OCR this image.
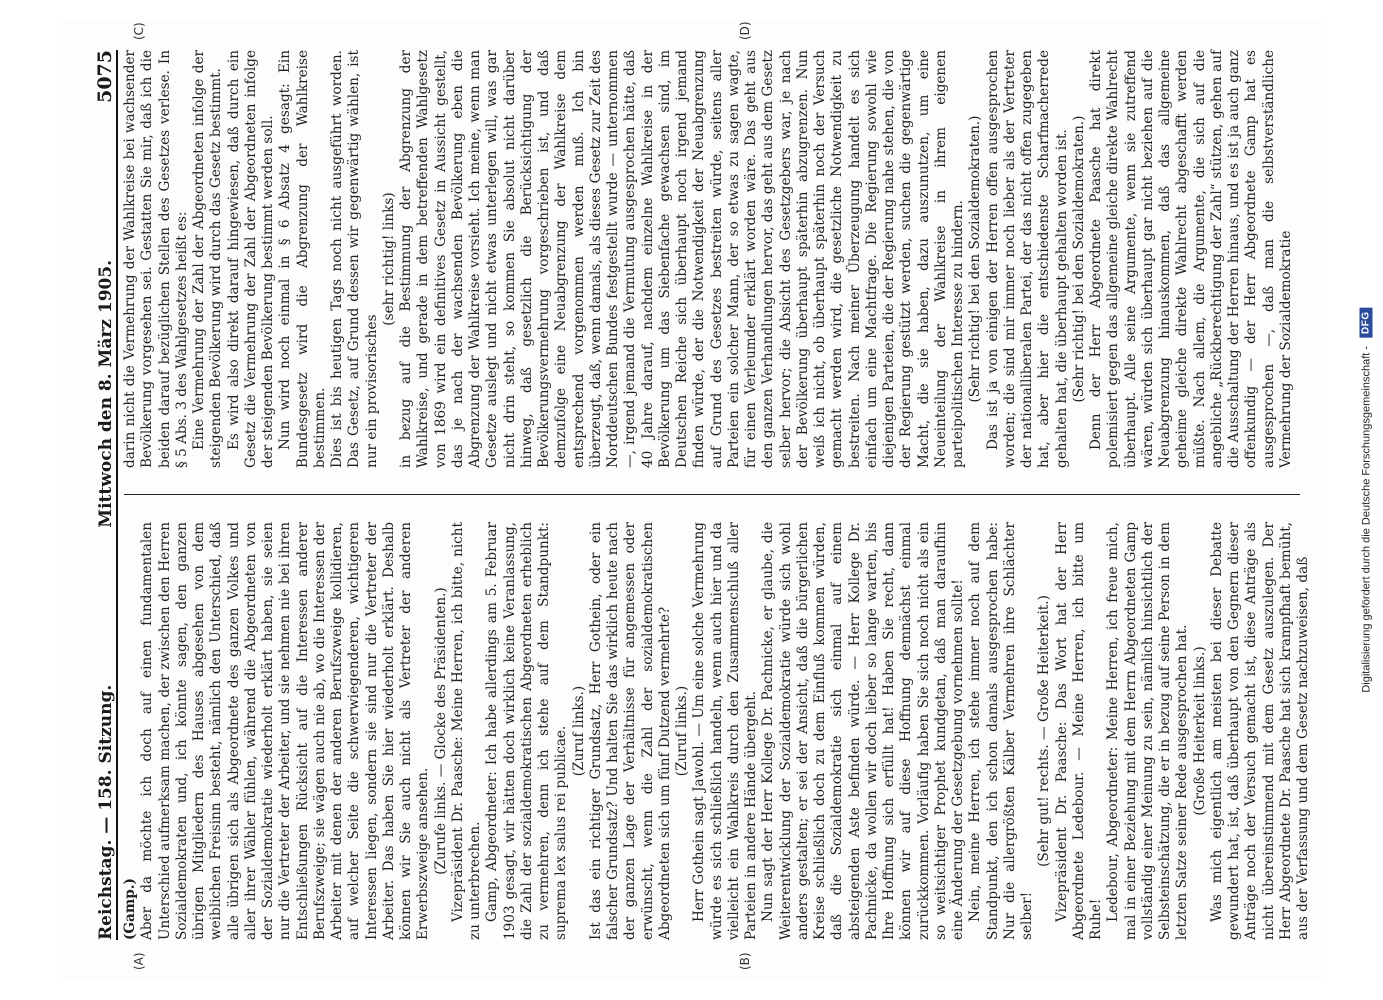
Reichstag. — 158. Sitzung.
Mittwoch den 8. März 1905.
5075
(A)	(B)
(C)	(D)

(Gamp.) Aber da möchte ich doch auf einen fundamentalen Unterschied aufmerksam machen, der zwischen den Herren Sozialdemokraten und, ich könnte sagen, den ganzen übrigen Mitgliedern des Hauses abgesehen von dem weiblichen Freisinn besteht, nämlich den Unterschied, daß alle übrigen sich als Abgeordnete des ganzen Volkes und aller ihrer Wähler fühlen, während die Abgeordneten von der Sozialdemokratie wiederholt erklärt haben, sie seien nur die Vertreter der Arbeiter, und sie nehmen nie bei ihren Entschließungen Rücksicht auf die Interessen anderer Berufszweige; sie wägen auch nie ab, wo die Interessen der Arbeiter mit denen der anderen Berufszweige kollidieren, auf welcher Seite die schwerwiegenderen, wichtigeren Interessen liegen, sondern sie sind nur die Vertreter der Arbeiter. Das haben Sie hier wiederholt erklärt. Deshalb können wir Sie auch nicht als Vertreter der anderen Erwerbszweige ansehen. (Zurufe links. — Glocke des Präsidenten.) Vizepräsident Dr. Paasche: Meine Herren, ich bitte, nicht zu unterbrechen. Gamp, Abgeordneter: Ich habe allerdings am 5. Februar 1903 gesagt, wir hätten doch wirklich keine Veranlassung, die Zahl der sozialdemokratischen Abgeordneten erheblich zu vermehren, denn ich stehe auf dem Standpunkt: suprema lex salus rei publicae. (Zuruf links.) Ist das ein richtiger Grundsatz, Herr Gothein, oder ein falscher Grundsatz? Und halten Sie das wirklich heute nach der ganzen Lage der Verhältnisse für angemessen oder erwünscht, wenn die Zahl der sozialdemokratischen Abgeordneten sich um fünf Dutzend vermehrte? (Zuruf links.) Herr Gothein sagt Jawohl. — Um eine solche Vermehrung würde es sich schließlich handeln, wenn auch hier und da vielleicht ein Wahlkreis durch den Zusammenschluß aller Parteien in andere Hände übergeht. Nun sagt der Herr Kollege Dr. Pachnicke, er glaube, die Weiterentwicklung der Sozialdemokratie würde sich wohl anders gestalten; er sei der Ansicht, daß die bürgerlichen Kreise schließlich doch zu dem Einfluß kommen würden, daß die Sozialdemokratie sich einmal auf einem absteigenden Aste befinden würde. — Herr Kollege Dr. Pachnicke, da wollen wir doch lieber so lange warten, bis Ihre Hoffnung sich erfüllt hat! Haben Sie recht, dann können wir auf diese Hoffnung demnächst einmal zurückkommen. Vorläufig haben Sie sich noch nicht als ein so weitsichtiger Prophet kundgetan, daß man daraufhin eine Änderung der Gesetzgebung vornehmen sollte! Nein, meine Herren, ich stehe immer noch auf dem Standpunkt, den ich schon damals ausgesprochen habe: Nur die allergrößten Kälber Vermehren ihre Schlächter selber!

(Sehr gut! rechts. — Große Heiterkeit.) Vizepräsident Dr. Paasche: Das Wort hat der Herr Abgeordnete Ledebour. — Meine Herren, ich bitte um Ruhe! Ledebour, Abgeordneter: Meine Herren, ich freue mich, mal in einer Beziehung mit dem Herrn Abgeordneten Gamp vollständig einer Meinung zu sein, nämlich hinsichtlich der Selbsteinschätzung, die er in bezug auf seine Person in dem letzten Satze seiner Rede ausgesprochen hat. (Große Heiterkeit links.) Was mich eigentlich am meisten bei dieser Debatte gewundert hat, ist, daß überhaupt von den Gegnern dieser Anträge noch der Versuch gemacht ist, diese Anträge als nicht übereinstimmend mit dem Gesetz auszulegen. Der Herr Abgeordnete Dr. Paasche hat sich krampfhaft bemüht, aus der Verfassung und dem Gesetz nachzuweisen, daß

darin nicht die Vermehrung der Wahlkreise bei wachsender Bevölkerung vorgesehen sei. Gestatten Sie mir, daß ich die beiden darauf bezüglichen Stellen des Gesetzes verlese. In § 5 Abs. 3 des Wahlgesetzes heißt es: Eine Vermehrung der Zahl der Abgeordneten infolge der steigenden Bevölkerung wird durch das Gesetz bestimmt. Es wird also direkt darauf hingewiesen, daß durch ein Gesetz die Vermehrung der Zahl der Abgeordneten infolge der steigenden Bevölkerung bestimmt werden soll. Nun wird noch einmal in § 6 Absatz 4 gesagt: Ein Bundesgesetz wird die Abgrenzung der Wahlkreise bestimmen. Dies ist bis heutigen Tags noch nicht ausgeführt worden. Das Gesetz, auf Grund dessen wir gegenwärtig wählen, ist nur ein provisorisches

(sehr richtig! links) in bezug auf die Bestimmung der Abgrenzung der Wahlkreise, und gerade in dem betreffenden Wahlgesetz von 1869 wird ein definitives Gesetz in Aussicht gestellt, das je nach der wachsenden Bevölkerung eben die Abgrenzung der Wahlkreise vorsieht. Ich meine, wenn man Gesetze auslegt und nicht etwas unterlegen will, was gar nicht drin steht, so kommen Sie absolut nicht darüber hinweg, daß gesetzlich die Berücksichtigung der Bevölkerungsvermehrung vorgeschrieben ist, und daß demzufolge eine Neuabgrenzung der Wahlkreise dem entsprechend vorgenommen werden muß. Ich bin überzeugt, daß, wenn damals, als dieses Gesetz zur Zeit des Norddeutschen Bundes festgestellt wurde — unternommen —, irgend jemand die Vermutung ausgesprochen hätte, daß 40 Jahre darauf, nachdem einzelne Wahlkreise in der Bevölkerung um das Siebenfache gewachsen sind, im Deutschen Reiche sich überhaupt noch irgend jemand finden würde, der die Notwendigkeit der Neuabgrenzung auf Grund des Gesetzes bestreiten würde, seitens aller Parteien ein solcher Mann, der so etwas zu sagen wagte, für einen Verleumder erklärt worden wäre. Das geht aus den ganzen Verhandlungen hervor, das geht aus dem Gesetz selber hervor; die Absicht des Gesetzgebers war, je nach der Bevölkerung überhaupt späterhin abzugrenzen. Nun weiß ich nicht, ob überhaupt späterhin noch der Versuch gemacht werden wird, die gesetzliche Notwendigkeit zu bestreiten. Nach meiner Überzeugung handelt es sich einfach um eine Machtfrage. Die Regierung sowohl wie diejenigen Parteien, die der Regierung nahe stehen, die von der Regierung gestützt werden, suchen die gegenwärtige Macht, die sie haben, dazu auszunutzen, um eine Neueinteilung der Wahlkreise in ihrem eigenen parteipolitischen Interesse zu hindern. (Sehr richtig! bei den Sozialdemokraten.) Das ist ja von einigen der Herren offen ausgesprochen worden; die sind mir immer noch lieber als der Vertreter der nationalliberalen Partei, der das nicht offen zugegeben hat, aber hier die entschiedenste Scharfmacherrede gehalten hat, die überhaupt gehalten worden ist. (Sehr richtig! bei den Sozialdemokraten.) Denn der Herr Abgeordnete Paasche hat direkt polemisiert gegen das allgemeine gleiche direkte Wahlrecht überhaupt. Alle seine Argumente, wenn sie zutreffend wären, würden sich überhaupt gar nicht beziehen auf die Neuabgrenzung hinauskommen, daß das allgemeine geheime gleiche direkte Wahlrecht abgeschafft werden müßte. Nach allem, die Argumente, die sich auf die angebliche „Rückberechtigung der Zahl“ stützen, gehen auf die Ausschaltung der Herren hinaus, und es ist ja auch ganz offenkundig — der Herr Abgeordnete Gamp hat es ausgesprochen —, daß man die selbstverständliche Vermehrung der Sozialdemokratie	Digitalisierung gefördert durch die Deutsche Forschungsgemeinschaft -
DFG
